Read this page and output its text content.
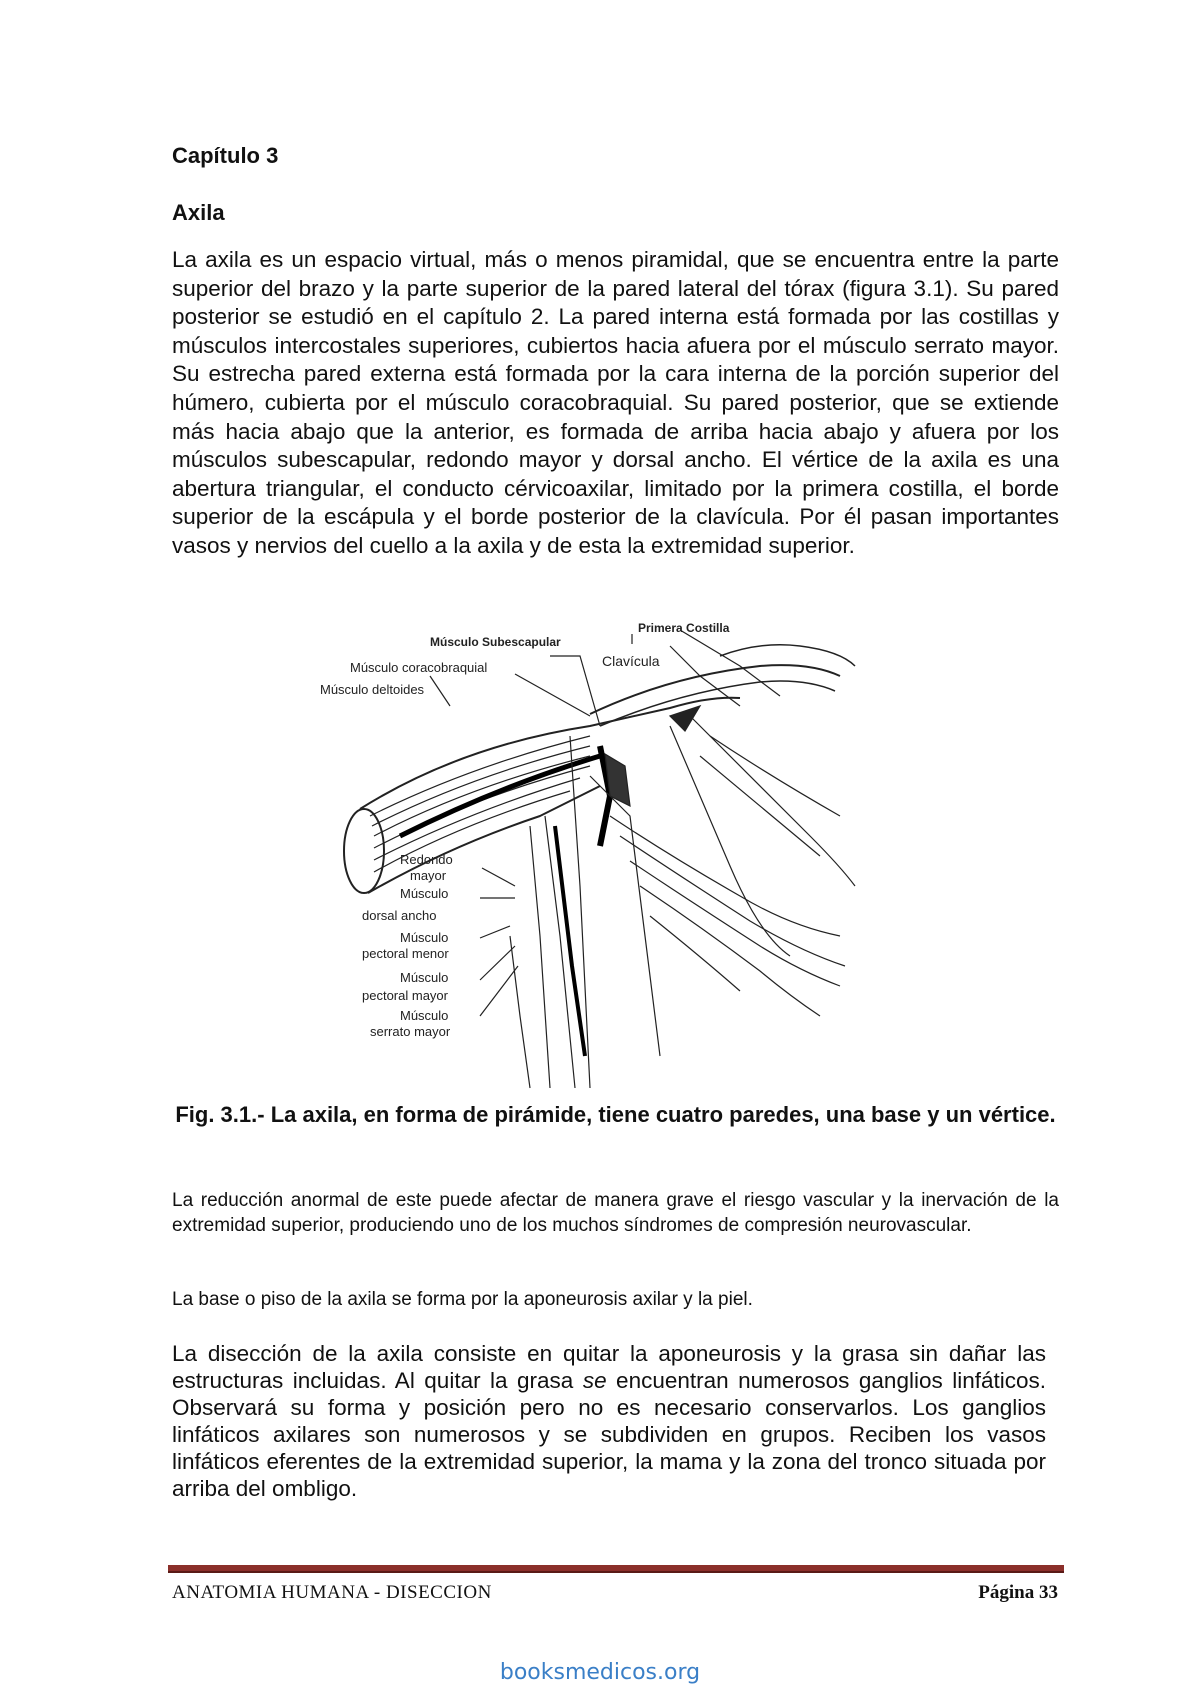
Capítulo 3
Axila

La axila es un espacio virtual, más o menos piramidal, que se encuentra entre la parte superior del brazo y la parte superior de la pared lateral del tórax (figura 3.1). Su pared posterior se estudió en el capítulo 2. La pared interna está formada por las costillas y músculos intercostales superiores, cubiertos hacia afuera por el músculo serrato mayor. Su estrecha pared externa está formada por la cara interna de la porción superior del húmero, cubierta por el músculo coracobraquial. Su pared posterior, que se extiende más hacia abajo que la anterior, es formada de arriba hacia abajo y afuera por los músculos subescapular, redondo mayor y dorsal ancho. El vértice de la axila es una abertura triangular, el conducto cérvicoaxilar, limitado por la primera costilla, el borde superior de la escápula y el borde posterior de la clavícula. Por él pasan importantes vasos y nervios del cuello a la axila y de esta la extremidad superior.

Primera Costilla
Músculo Subescapular
Clavícula
Músculo coracobraquial
Músculo deltoides
Redondo
mayor
Músculo
dorsal ancho
Músculo
pectoral menor
Músculo
pectoral mayor
Músculo
serrato mayor

Fig. 3.1.- La axila, en forma de pirámide, tiene cuatro paredes, una base y un vértice.

La reducción anormal de este puede afectar de manera grave el riesgo vascular y la inervación de la extremidad superior, produciendo uno de los muchos síndromes de compresión neurovascular.

La base o piso de la axila se forma por la aponeurosis axilar y la piel.

La disección de la axila consiste en quitar la aponeurosis y la grasa sin dañar las estructuras incluidas. Al quitar la grasa se encuentran numerosos ganglios linfáticos. Observará su forma y posición pero no es necesario conservarlos. Los ganglios linfáticos axilares son numerosos y se subdividen en grupos. Reciben los vasos linfáticos eferentes de la extremidad superior, la mama y la zona del tronco situada por arriba del ombligo.

ANATOMIA HUMANA - DISECCION	Página 33
booksmedicos.org
